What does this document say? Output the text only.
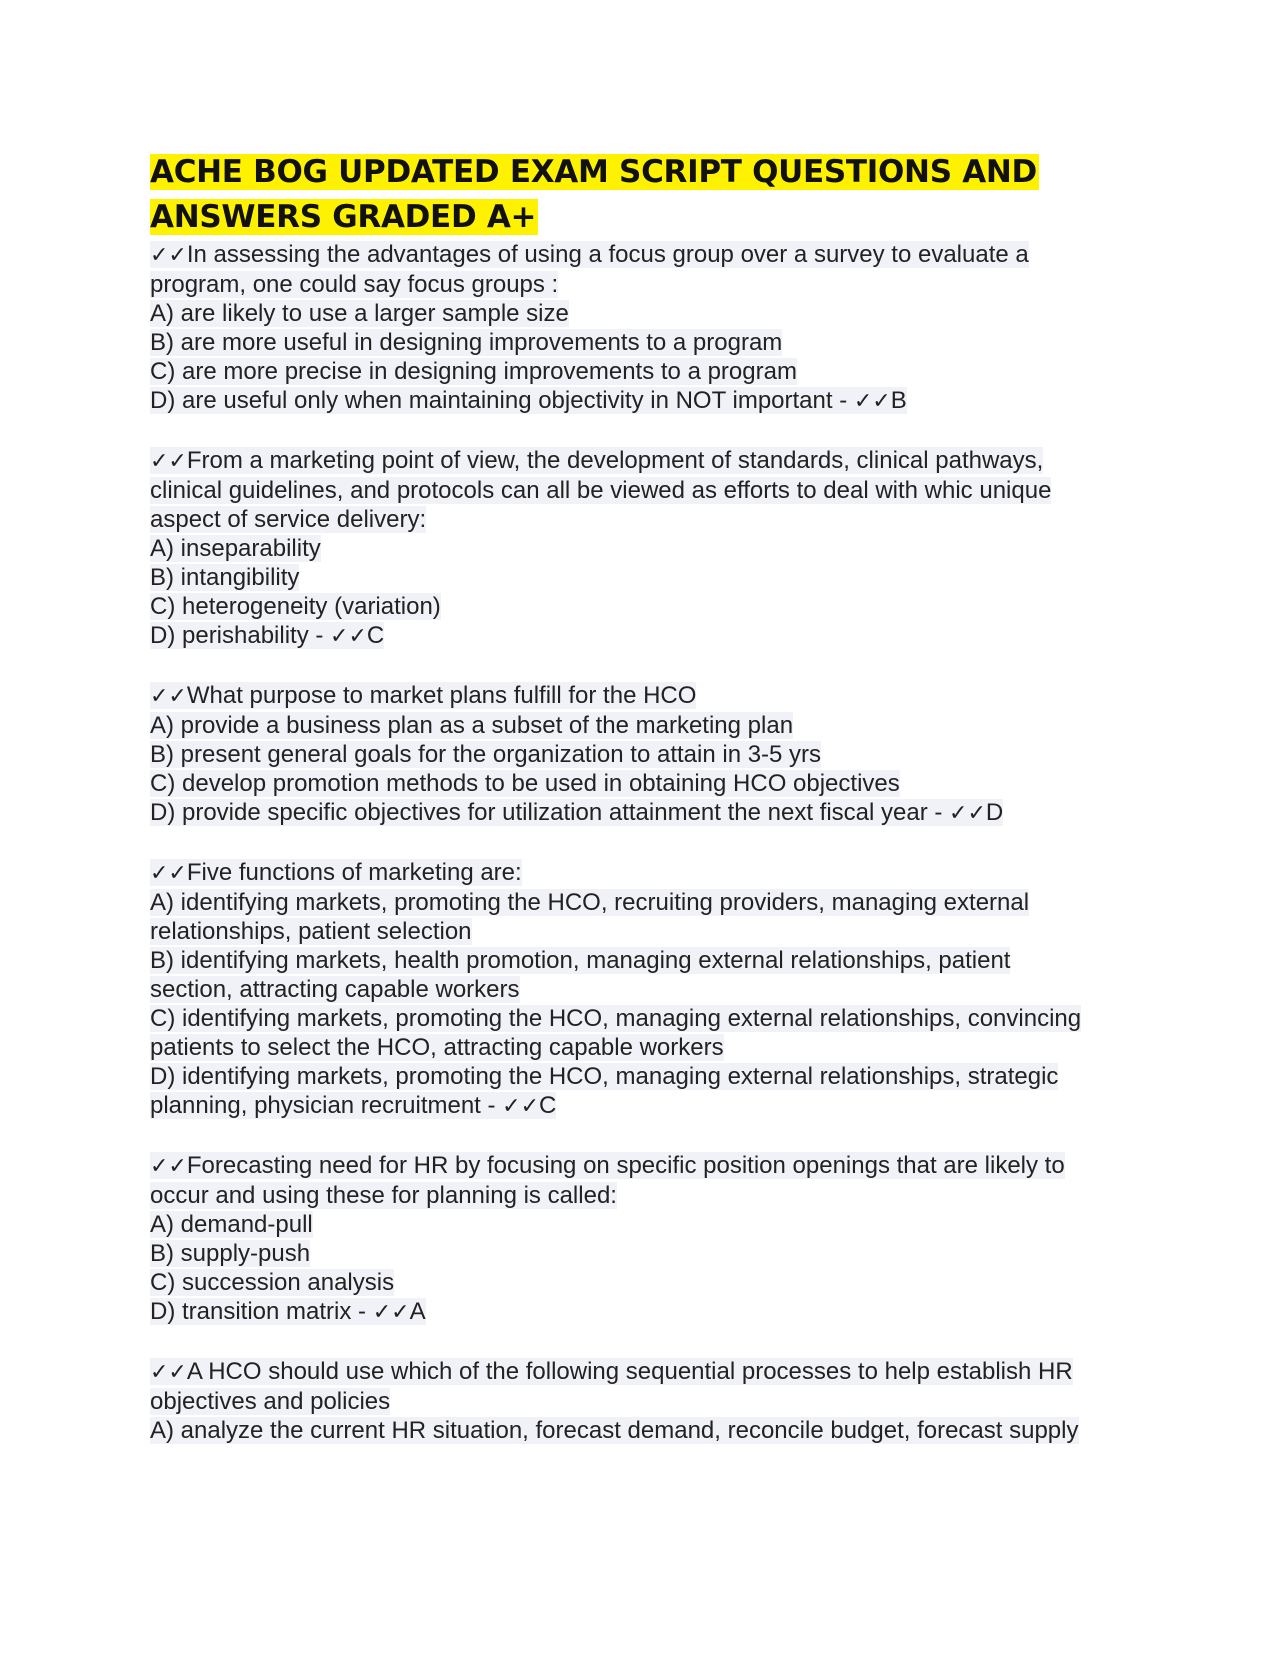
ACHE BOG UPDATED EXAM SCRIPT QUESTIONS AND
ANSWERS GRADED A+
✓✓In assessing the advantages of using a focus group over a survey to evaluate a
program, one could say focus groups :
A) are likely to use a larger sample size
B) are more useful in designing improvements to a program
C) are more precise in designing improvements to a program
D) are useful only when maintaining objectivity in NOT important - ✓✓B
✓✓From a marketing point of view, the development of standards, clinical pathways,
clinical guidelines, and protocols can all be viewed as efforts to deal with whic unique
aspect of service delivery:
A) inseparability
B) intangibility
C) heterogeneity (variation)
D) perishability - ✓✓C
✓✓What purpose to market plans fulfill for the HCO
A) provide a business plan as a subset of the marketing plan
B) present general goals for the organization to attain in 3-5 yrs
C) develop promotion methods to be used in obtaining HCO objectives
D) provide specific objectives for utilization attainment the next fiscal year - ✓✓D
✓✓Five functions of marketing are:
A) identifying markets, promoting the HCO, recruiting providers, managing external
relationships, patient selection
B) identifying markets, health promotion, managing external relationships, patient
section, attracting capable workers
C) identifying markets, promoting the HCO, managing external relationships, convincing
patients to select the HCO, attracting capable workers
D) identifying markets, promoting the HCO, managing external relationships, strategic
planning, physician recruitment - ✓✓C
✓✓Forecasting need for HR by focusing on specific position openings that are likely to
occur and using these for planning is called:
A) demand-pull
B) supply-push
C) succession analysis
D) transition matrix - ✓✓A
✓✓A HCO should use which of the following sequential processes to help establish HR
objectives and policies
A) analyze the current HR situation, forecast demand, reconcile budget, forecast supply
